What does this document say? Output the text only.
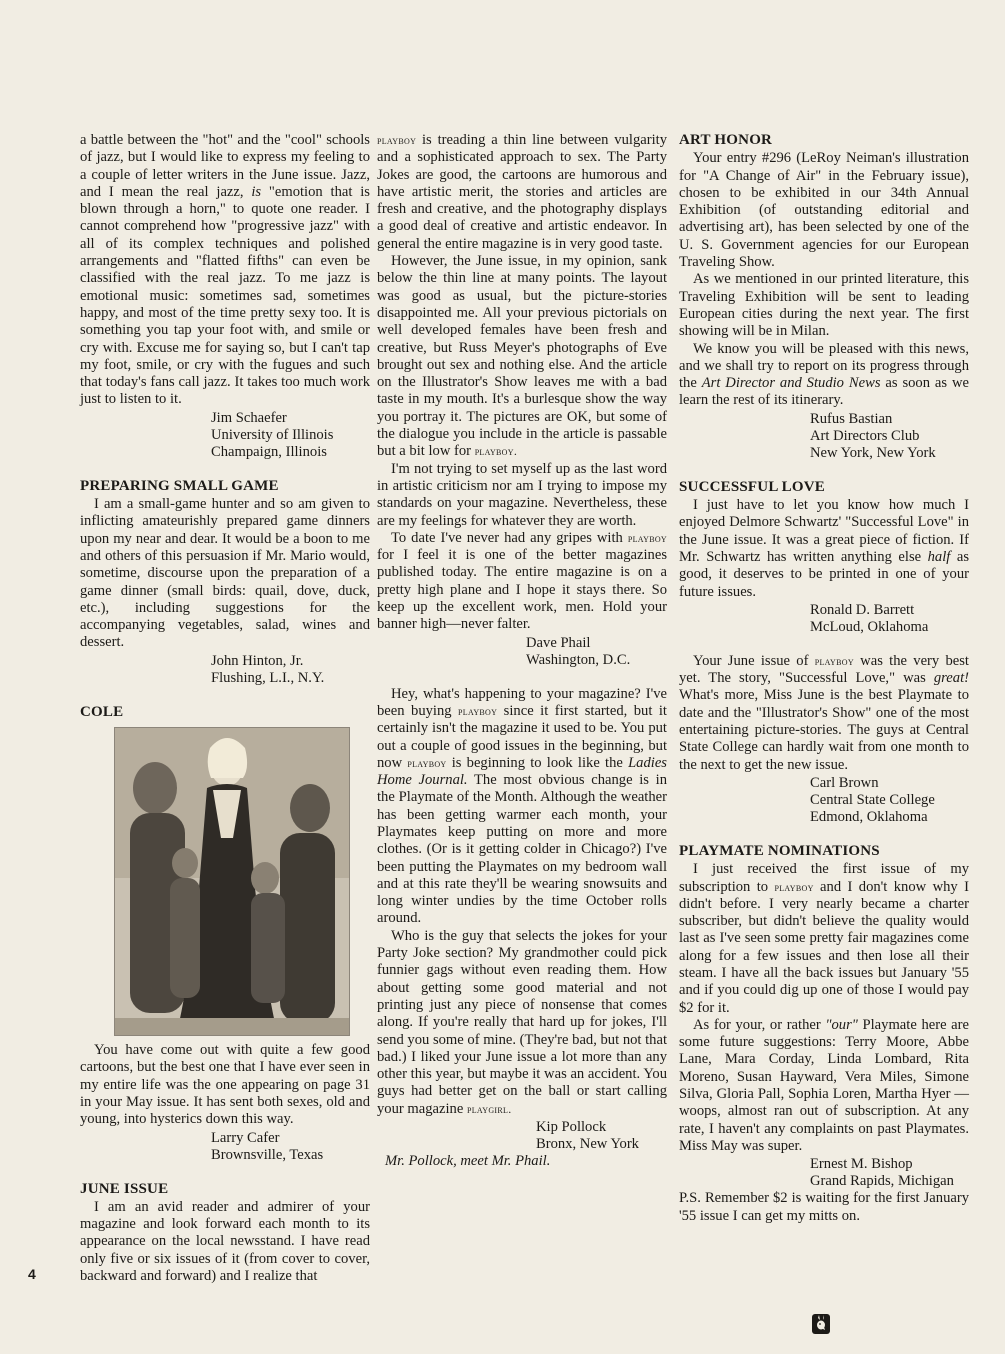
a battle between the "hot" and the "cool" schools of jazz, but I would like to express my feeling to a couple of letter writers in the June issue. Jazz, and I mean the real jazz, is "emotion that is blown through a horn," to quote one reader. I cannot comprehend how "progressive jazz" with all of its complex techniques and polished arrangements and "flatted fifths" can even be classified with the real jazz. To me jazz is emotional music: sometimes sad, sometimes happy, and most of the time pretty sexy too. It is something you tap your foot with, and smile or cry with. Excuse me for saying so, but I can't tap my foot, smile, or cry with the fugues and such that today's fans call jazz. It takes too much work just to listen to it.

Jim Schaefer
University of Illinois
Champaign, Illinois
PREPARING SMALL GAME

I am a small-game hunter and so am given to inflicting amateurishly prepared game dinners upon my near and dear. It would be a boon to me and others of this persuasion if Mr. Mario would, sometime, discourse upon the preparation of a game dinner (small birds: quail, dove, duck, etc.), including suggestions for the accompanying vegetables, salad, wines and dessert.

John Hinton, Jr.
Flushing, L.I., N.Y.
COLE

You have come out with quite a few good cartoons, but the best one that I have ever seen in my entire life was the one appearing on page 31 in your May issue. It has sent both sexes, old and young, into hysterics down this way.

Larry Cafer
Brownsville, Texas
JUNE ISSUE

I am an avid reader and admirer of your magazine and look forward each month to its appearance on the local newsstand. I have read only five or six issues of it (from cover to cover, backward and forward) and I realize that

playboy is treading a thin line between vulgarity and a sophisticated approach to sex. The Party Jokes are good, the cartoons are humorous and have artistic merit, the stories and articles are fresh and creative, and the photography displays a good deal of creative and artistic endeavor. In general the entire magazine is in very good taste.

However, the June issue, in my opinion, sank below the thin line at many points. The layout was good as usual, but the picture-stories disappointed me. All your previous pictorials on well developed females have been fresh and creative, but Russ Meyer's photographs of Eve brought out sex and nothing else. And the article on the Illustrator's Show leaves me with a bad taste in my mouth. It's a burlesque show the way you portray it. The pictures are OK, but some of the dialogue you include in the article is passable but a bit low for playboy.

I'm not trying to set myself up as the last word in artistic criticism nor am I trying to impose my standards on your magazine. Nevertheless, these are my feelings for whatever they are worth.

To date I've never had any gripes with playboy for I feel it is one of the better magazines published today. The entire magazine is on a pretty high plane and I hope it stays there. So keep up the excellent work, men. Hold your banner high—never falter.

Dave Phail
Washington, D.C.

Hey, what's happening to your magazine? I've been buying playboy since it first started, but it certainly isn't the magazine it used to be. You put out a couple of good issues in the beginning, but now playboy is beginning to look like the Ladies Home Journal. The most obvious change is in the Playmate of the Month. Although the weather has been getting warmer each month, your Playmates keep putting on more and more clothes. (Or is it getting colder in Chicago?) I've been putting the Playmates on my bedroom wall and at this rate they'll be wearing snowsuits and long winter undies by the time October rolls around.

Who is the guy that selects the jokes for your Party Joke section? My grandmother could pick funnier gags without even reading them. How about getting some good material and not printing just any piece of nonsense that comes along. If you're really that hard up for jokes, I'll send you some of mine. (They're bad, but not that bad.) I liked your June issue a lot more than any other this year, but maybe it was an accident. You guys had better get on the ball or start calling your magazine playgirl.

Kip Pollock
Bronx, New York

Mr. Pollock, meet Mr. Phail.

ART HONOR

Your entry #296 (LeRoy Neiman's illustration for "A Change of Air" in the February issue), chosen to be exhibited in our 34th Annual Exhibition (of outstanding editorial and advertising art), has been selected by one of the U. S. Government agencies for our European Traveling Show.

As we mentioned in our printed literature, this Traveling Exhibition will be sent to leading European cities during the next year. The first showing will be in Milan.

We know you will be pleased with this news, and we shall try to report on its progress through the Art Director and Studio News as soon as we learn the rest of its itinerary.

Rufus Bastian
Art Directors Club
New York, New York
SUCCESSFUL LOVE

I just have to let you know how much I enjoyed Delmore Schwartz' "Successful Love" in the June issue. It was a great piece of fiction. If Mr. Schwartz has written anything else half as good, it deserves to be printed in one of your future issues.

Ronald D. Barrett
McLoud, Oklahoma

Your June issue of playboy was the very best yet. The story, "Successful Love," was great! What's more, Miss June is the best Playmate to date and the "Illustrator's Show" one of the most entertaining picture-stories. The guys at Central State College can hardly wait from one month to the next to get the new issue.

Carl Brown
Central State College
Edmond, Oklahoma
PLAYMATE NOMINATIONS

I just received the first issue of my subscription to playboy and I don't know why I didn't before. I very nearly became a charter subscriber, but didn't believe the quality would last as I've seen some pretty fair magazines come along for a few issues and then lose all their steam. I have all the back issues but January '55 and if you could dig up one of those I would pay $2 for it.

As for your, or rather "our" Playmate here are some future suggestions: Terry Moore, Abbe Lane, Mara Corday, Linda Lombard, Rita Moreno, Susan Hayward, Vera Miles, Simone Silva, Gloria Pall, Sophia Loren, Martha Hyer —woops, almost ran out of subscription. At any rate, I haven't any complaints on past Playmates. Miss May was super.

Ernest M. Bishop
Grand Rapids, Michigan

P.S. Remember $2 is waiting for the first January '55 issue I can get my mitts on.

4
